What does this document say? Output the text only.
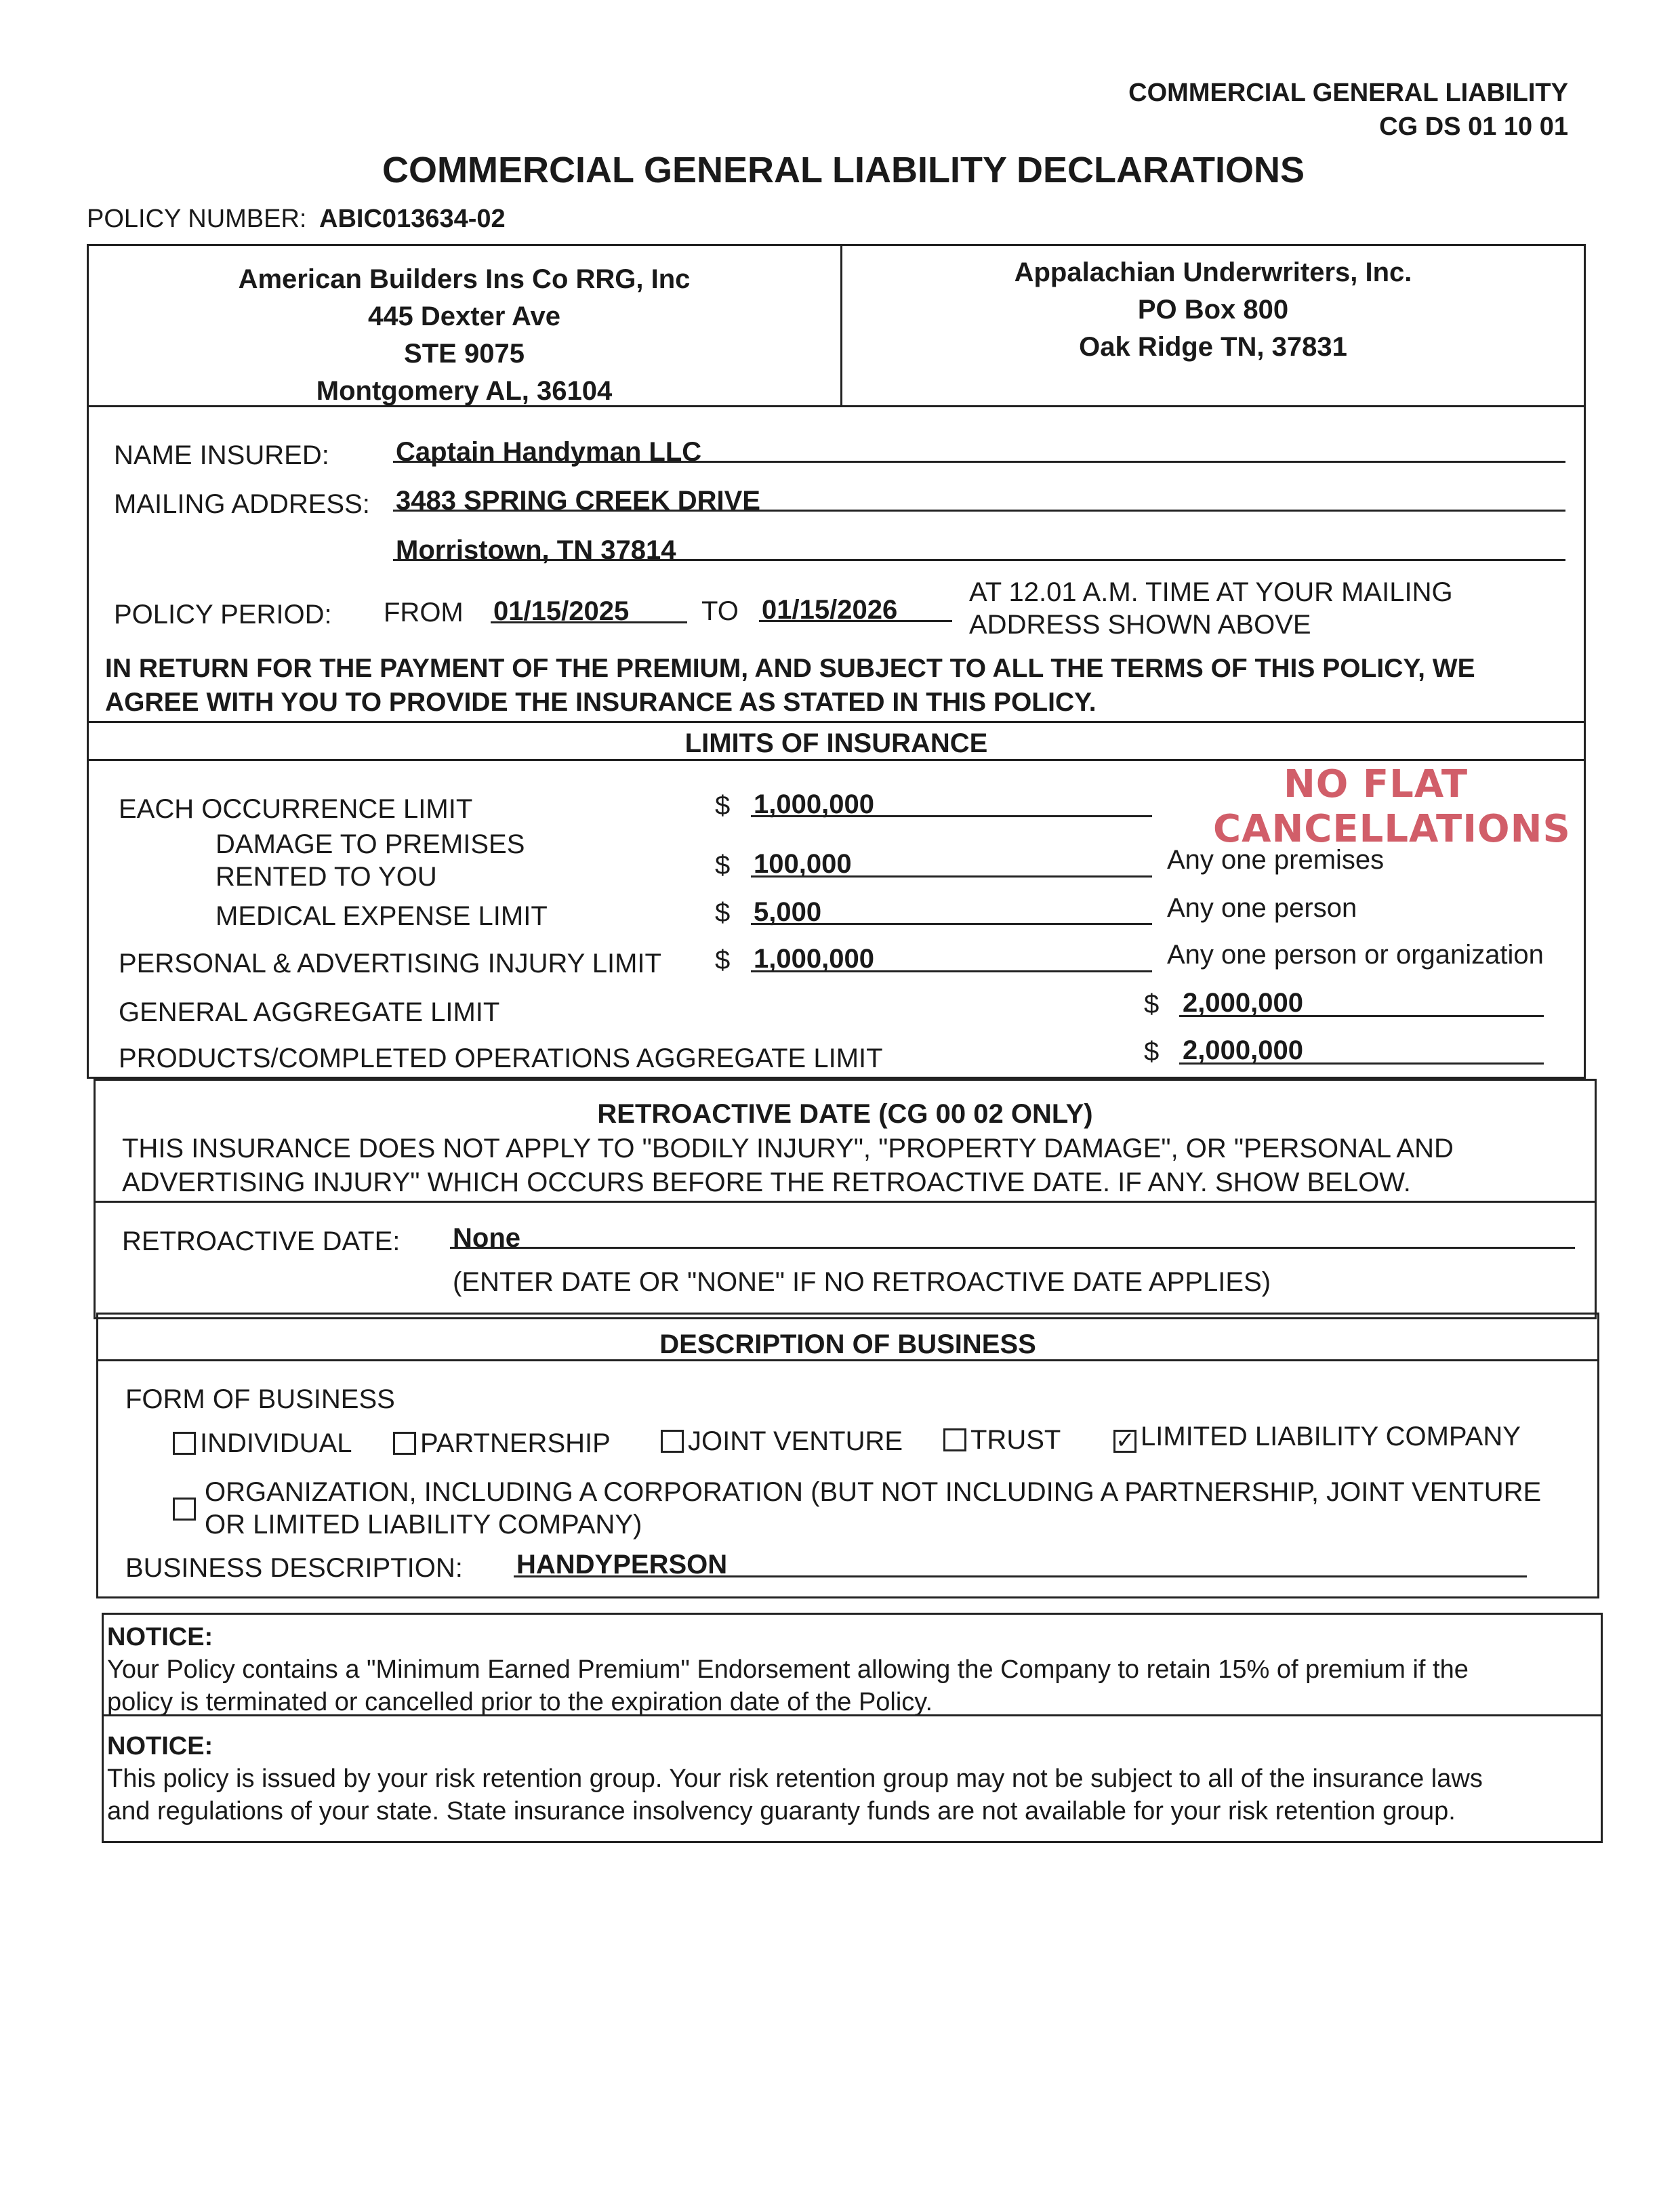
COMMERCIAL GENERAL LIABILITY
CG DS 01 10 01
COMMERCIAL GENERAL LIABILITY DECLARATIONS
POLICY NUMBER: ABIC013634-02
American Builders Ins Co RRG, Inc
445 Dexter Ave
STE 9075
Montgomery AL, 36104
Appalachian Underwriters, Inc.
PO Box 800
Oak Ridge TN, 37831
NAME INSURED: Captain Handyman LLC
MAILING ADDRESS: 3483 SPRING CREEK DRIVE
Morristown, TN 37814
POLICY PERIOD: FROM 01/15/2025	TO 01/15/2026
AT 12.01 A.M. TIME AT YOUR MAILING
ADDRESS SHOWN ABOVE
IN RETURN FOR THE PAYMENT OF THE PREMIUM, AND SUBJECT TO ALL THE TERMS OF THIS POLICY, WE
AGREE WITH YOU TO PROVIDE THE INSURANCE AS STATED IN THIS POLICY.
LIMITS OF INSURANCE
NO FLAT
CANCELLATIONS
EACH OCCURRENCE LIMIT	$ 1,000,000
DAMAGE TO PREMISES
RENTED TO YOU	$ 100,000	Any one premises
MEDICAL EXPENSE LIMIT	$ 5,000	Any one person
PERSONAL & ADVERTISING INJURY LIMIT $ 1,000,000	Any one person or organization
GENERAL AGGREGATE LIMIT	$ 2,000,000
PRODUCTS/COMPLETED OPERATIONS AGGREGATE LIMIT	$ 2,000,000
RETROACTIVE DATE (CG 00 02 ONLY)
THIS INSURANCE DOES NOT APPLY TO "BODILY INJURY", "PROPERTY DAMAGE", OR "PERSONAL AND
ADVERTISING INJURY" WHICH OCCURS BEFORE THE RETROACTIVE DATE. IF ANY. SHOW BELOW.
RETROACTIVE DATE: None
(ENTER DATE OR "NONE" IF NO RETROACTIVE DATE APPLIES)
DESCRIPTION OF BUSINESS
FORM OF BUSINESS
INDIVIDUAL	PARTNERSHIP	JOINT VENTURE	TRUST ✓ LIMITED LIABILITY COMPANY
ORGANIZATION, INCLUDING A CORPORATION (BUT NOT INCLUDING A PARTNERSHIP, JOINT VENTURE
OR LIMITED LIABILITY COMPANY)
BUSINESS DESCRIPTION: HANDYPERSON
NOTICE:
Your Policy contains a "Minimum Earned Premium" Endorsement allowing the Company to retain 15% of premium if the
policy is terminated or cancelled prior to the expiration date of the Policy.
NOTICE:
This policy is issued by your risk retention group. Your risk retention group may not be subject to all of the insurance laws
and regulations of your state. State insurance insolvency guaranty funds are not available for your risk retention group.
